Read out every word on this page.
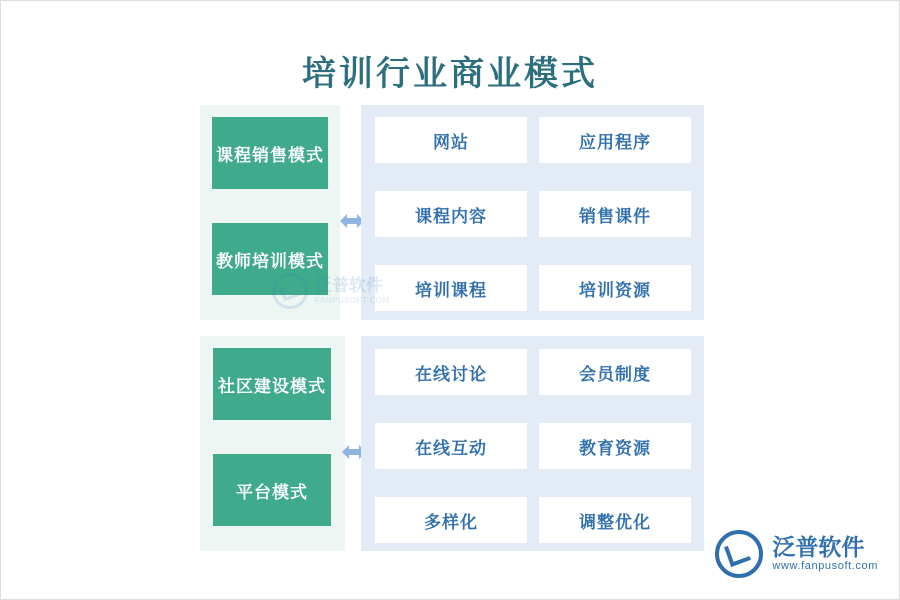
培训行业商业模式
课程销售模式
教师培训模式
网站	应用程序
课程内容	销售课件
培训课程	培训资源
社区建设模式
平台模式
在线讨论	会员制度
在线互动	教育资源
多样化	调整优化
泛普软件
FANPUSOFT.COM
泛普软件
www.fanpusoft.com
